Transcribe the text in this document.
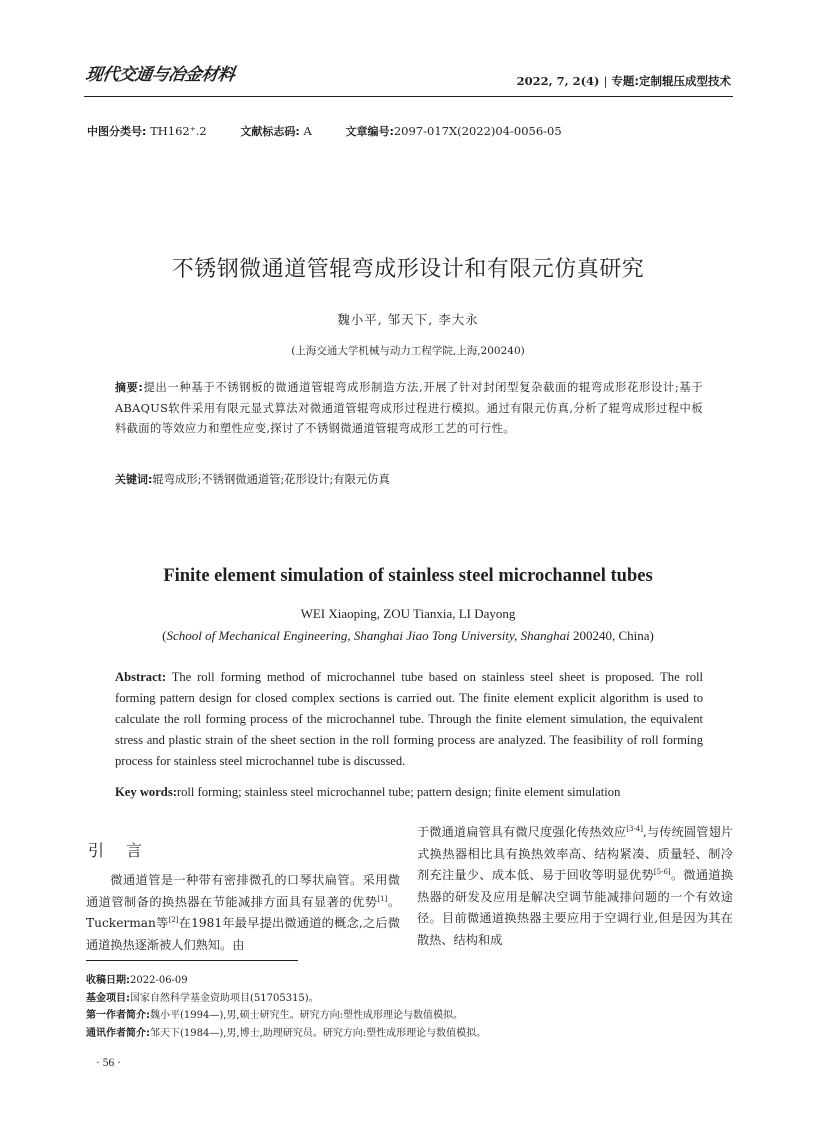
现代交通与冶金材料	2022, 7, 2(4) | 专题:定制辊压成型技术
中图分类号: TH162⁺.2	文献标志码: A	文章编号:2097-017X(2022)04-0056-05
不锈钢微通道管辊弯成形设计和有限元仿真研究
魏小平, 邹天下, 李大永
(上海交通大学机械与动力工程学院,上海,200240)
摘要:提出一种基于不锈钢板的微通道管辊弯成形制造方法,开展了针对封闭型复杂截面的辊弯成形花形设计;基于ABAQUS软件采用有限元显式算法对微通道管辊弯成形过程进行模拟。通过有限元仿真,分析了辊弯成形过程中板料截面的等效应力和塑性应变,探讨了不锈钢微通道管辊弯成形工艺的可行性。
关键词:辊弯成形;不锈钢微通道管;花形设计;有限元仿真
Finite element simulation of stainless steel microchannel tubes
WEI Xiaoping, ZOU Tianxia, LI Dayong
(School of Mechanical Engineering, Shanghai Jiao Tong University, Shanghai 200240, China)
Abstract: The roll forming method of microchannel tube based on stainless steel sheet is proposed. The roll forming pattern design for closed complex sections is carried out. The finite element explicit algorithm is used to calculate the roll forming process of the microchannel tube. Through the finite element simulation, the equivalent stress and plastic strain of the sheet section in the roll forming process are analyzed. The feasibility of roll forming process for stainless steel microchannel tube is discussed.
Key words:roll forming; stainless steel microchannel tube; pattern design; finite element simulation
引言

微通道管是一种带有密排微孔的口琴状扁管。采用微通道管制备的换热器在节能减排方面具有显著的优势[1]。Tuckerman等[2]在1981年最早提出微通道的概念,之后微通道换热逐渐被人们熟知。由

于微通道扁管具有微尺度强化传热效应[3-4],与传统圆管翅片式换热器相比具有换热效率高、结构紧凑、质量轻、制冷剂充注量少、成本低、易于回收等明显优势[5-6]。微通道换热器的研发及应用是解决空调节能减排问题的一个有效途径。目前微通道换热器主要应用于空调行业,但是因为其在散热、结构和成

收稿日期:2022-06-09
基金项目:国家自然科学基金资助项目(51705315)。
第一作者简介:魏小平(1994—),男,硕士研究生。研究方向:塑性成形理论与数值模拟。
通讯作者简介:邹天下(1984—),男,博士,助理研究员。研究方向:塑性成形理论与数值模拟。
· 56 ·
